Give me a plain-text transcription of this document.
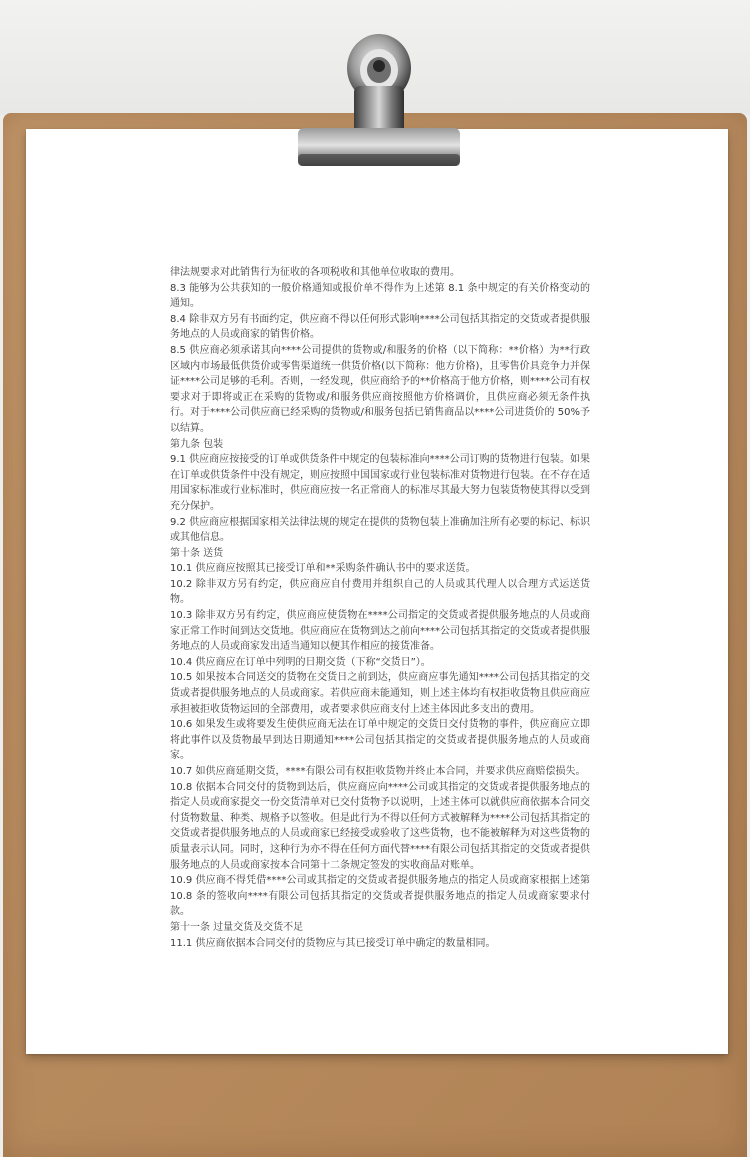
律法规要求对此销售行为征收的各项税收和其他单位收取的费用。

8.3 能够为公共获知的一般价格通知或报价单不得作为上述第 8.1 条中规定的有关价格变动的通知。

8.4 除非双方另有书面约定，供应商不得以任何形式影响****公司包括其指定的交货或者提供服务地点的人员或商家的销售价格。

8.5 供应商必须承诺其向****公司提供的货物或/和服务的价格（以下简称：**价格）为**行政区域内市场最低供货价或零售渠道统一供货价格(以下简称：他方价格)，且零售价具竞争力并保证****公司足够的毛利。否则，一经发现，供应商给予的**价格高于他方价格，则****公司有权要求对于即将或正在采购的货物或/和服务供应商按照他方价格调价，且供应商必须无条件执行。对于****公司供应商已经采购的货物或/和服务包括已销售商品以****公司进货价的 50%予以结算。

第九条 包装

9.1 供应商应按接受的订单或供货条件中规定的包装标准向****公司订购的货物进行包装。如果在订单或供货条件中没有规定，则应按照中国国家或行业包装标准对货物进行包装。在不存在适用国家标准或行业标准时，供应商应按一名正常商人的标准尽其最大努力包装货物使其得以受到充分保护。

9.2 供应商应根据国家相关法律法规的规定在提供的货物包装上准确加注所有必要的标记、标识或其他信息。

第十条 送货

10.1 供应商应按照其已接受订单和**采购条件确认书中的要求送货。

10.2 除非双方另有约定，供应商应自付费用并组织自己的人员或其代理人以合理方式运送货物。

10.3 除非双方另有约定，供应商应使货物在****公司指定的交货或者提供服务地点的人员或商家正常工作时间到达交货地。供应商应在货物到达之前向****公司包括其指定的交货或者提供服务地点的人员或商家发出适当通知以便其作相应的接货准备。

10.4 供应商应在订单中列明的日期交货（下称“交货日”）。

10.5 如果按本合同送交的货物在交货日之前到达，供应商应事先通知****公司包括其指定的交货或者提供服务地点的人员或商家。若供应商未能通知，则上述主体均有权拒收货物且供应商应承担被拒收货物运回的全部费用，或者要求供应商支付上述主体因此多支出的费用。

10.6 如果发生或将要发生使供应商无法在订单中规定的交货日交付货物的事件，供应商应立即将此事件以及货物最早到达日期通知****公司包括其指定的交货或者提供服务地点的人员或商家。

10.7 如供应商延期交货，****有限公司有权拒收货物并终止本合同，并要求供应商赔偿损失。

10.8 依据本合同交付的货物到达后，供应商应向****公司或其指定的交货或者提供服务地点的指定人员或商家提交一份交货清单对已交付货物予以说明，上述主体可以就供应商依据本合同交付货物数量、种类、规格予以签收。但是此行为不得以任何方式被解释为****公司包括其指定的交货或者提供服务地点的人员或商家已经接受或验收了这些货物，也不能被解释为对这些货物的质量表示认同。同时，这种行为亦不得在任何方面代替****有限公司包括其指定的交货或者提供服务地点的人员或商家按本合同第十二条规定签发的实收商品对账单。

10.9 供应商不得凭借****公司或其指定的交货或者提供服务地点的指定人员或商家根据上述第 10.8 条的签收向****有限公司包括其指定的交货或者提供服务地点的指定人员或商家要求付款。

第十一条 过量交货及交货不足

11.1 供应商依据本合同交付的货物应与其已接受订单中确定的数量相同。
